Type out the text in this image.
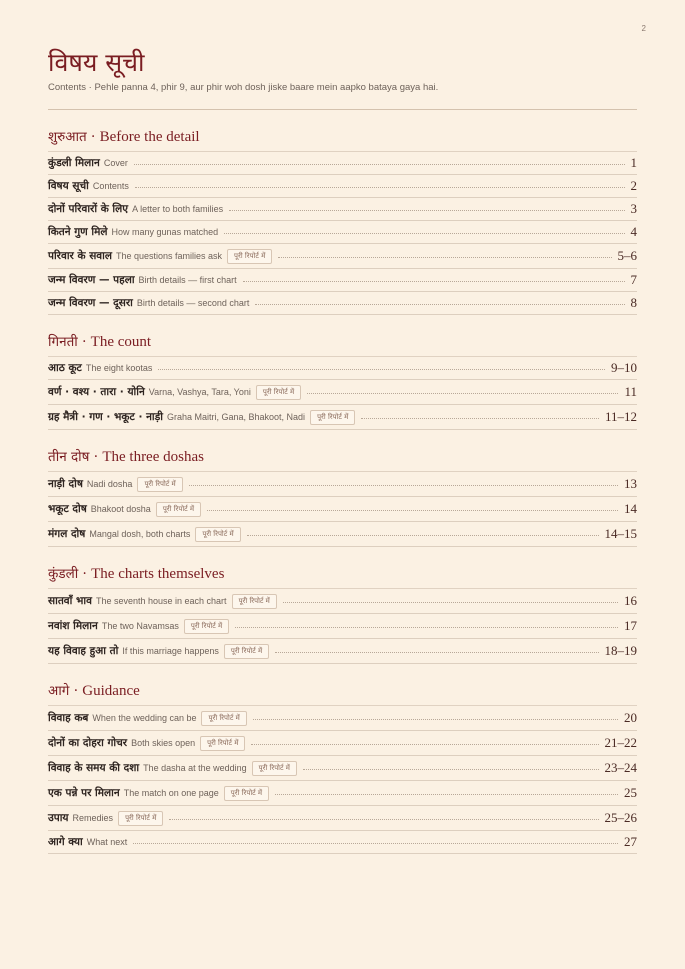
2
विषय सूची
Contents · Pehle panna 4, phir 9, aur phir woh dosh jiske baare mein aapko bataya gaya hai.
शुरुआत · Before the detail
कुंडली मिलान Cover	1
विषय सूची Contents	2
दोनों परिवारों के लिए A letter to both families	3
कितने गुण मिले How many gunas matched	4
परिवार के सवाल The questions families ask	पूरी रिपोर्ट में	5–6
जन्म विवरण — पहला Birth details — first chart	7
जन्म विवरण — दूसरा Birth details — second chart	8
गिनती · The count
आठ कूट The eight kootas	9–10
वर्ण · वश्य · तारा · योनि Varna, Vashya, Tara, Yoni	पूरी रिपोर्ट में	11
ग्रह मैत्री · गण · भकूट · नाड़ी Graha Maitri, Gana, Bhakoot, Nadi	पूरी रिपोर्ट में	11–12
तीन दोष · The three doshas
नाड़ी दोष Nadi dosha	पूरी रिपोर्ट में	13
भकूट दोष Bhakoot dosha	पूरी रिपोर्ट में	14
मंगल दोष Mangal dosh, both charts	पूरी रिपोर्ट में	14–15
कुंडली · The charts themselves
सातवाँ भाव The seventh house in each chart	पूरी रिपोर्ट में	16
नवांश मिलान The two Navamsas	पूरी रिपोर्ट में	17
यह विवाह हुआ तो If this marriage happens	पूरी रिपोर्ट में	18–19
आगे · Guidance
विवाह कब When the wedding can be	पूरी रिपोर्ट में	20
दोनों का दोहरा गोचर Both skies open	पूरी रिपोर्ट में	21–22
विवाह के समय की दशा The dasha at the wedding	पूरी रिपोर्ट में	23–24
एक पन्ने पर मिलान The match on one page	पूरी रिपोर्ट में	25
उपाय Remedies	पूरी रिपोर्ट में	25–26
आगे क्या What next	27
